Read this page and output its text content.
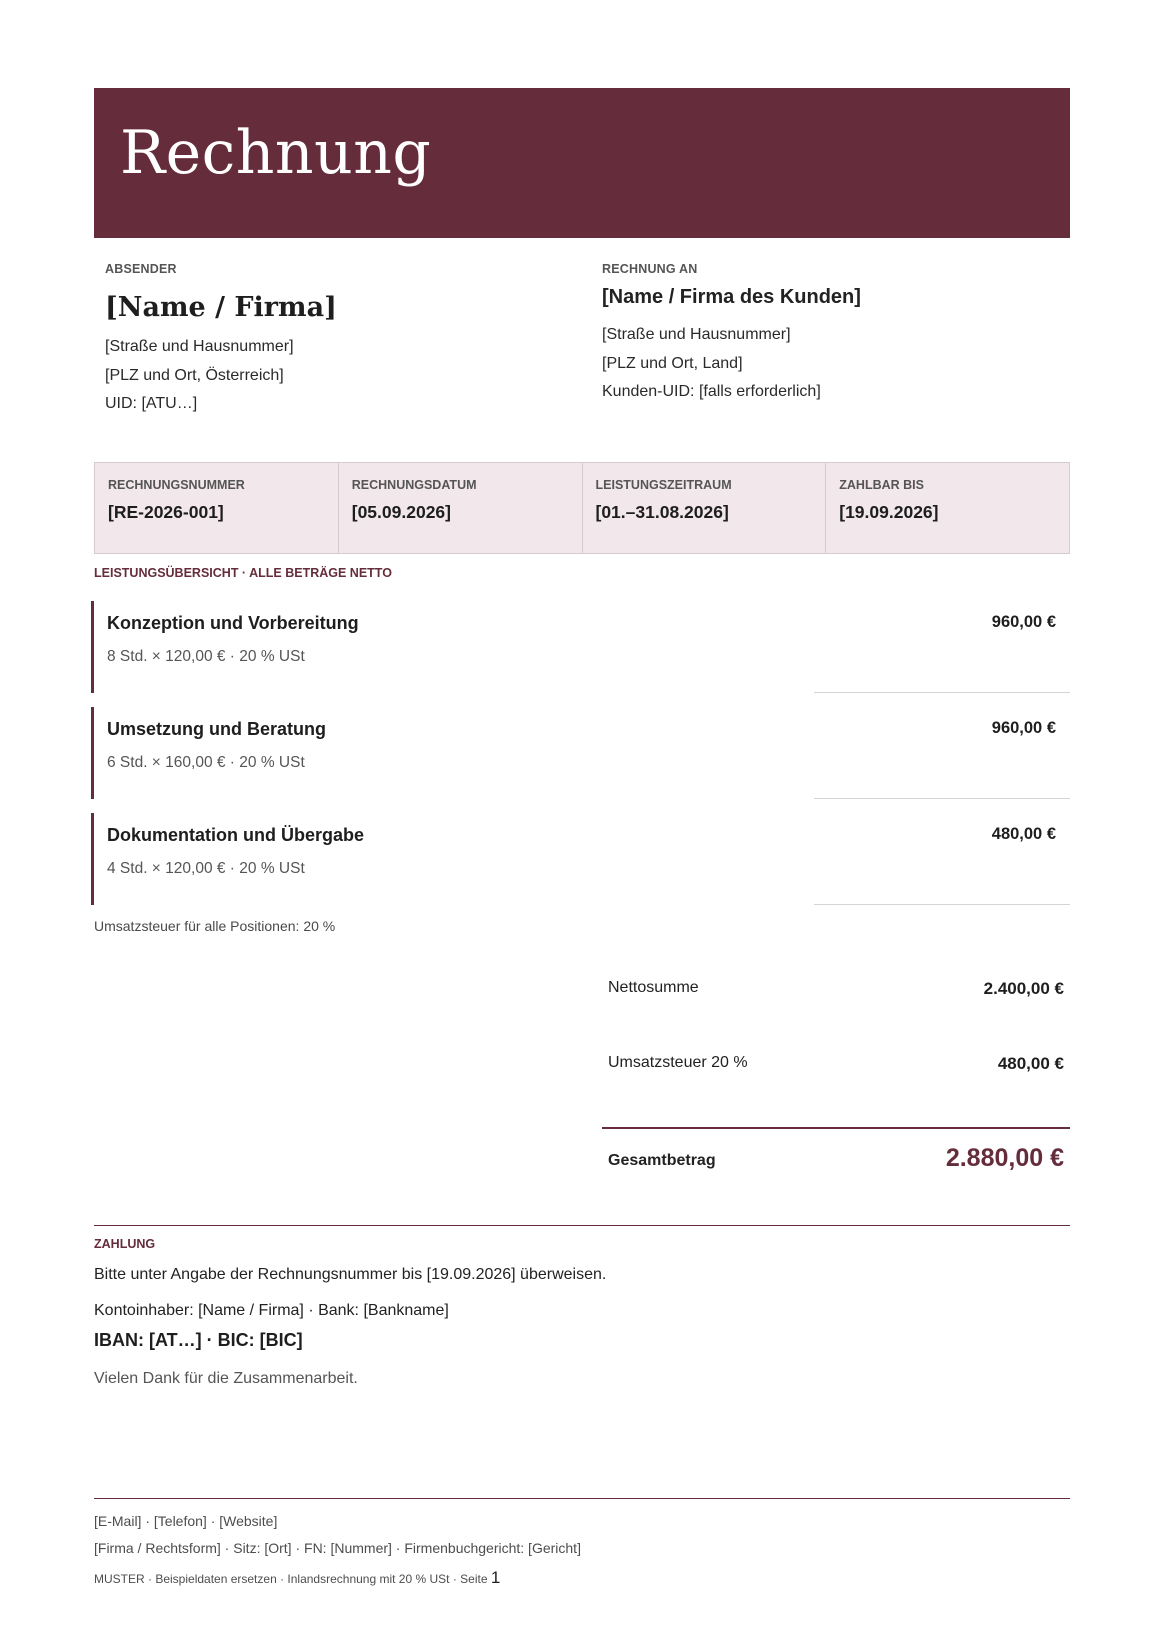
Rechnung
ABSENDER
[Name / Firma]
[Straße und Hausnummer]
[PLZ und Ort, Österreich]
UID: [ATU…]
RECHNUNG AN
[Name / Firma des Kunden]
[Straße und Hausnummer]
[PLZ und Ort, Land]
Kunden-UID: [falls erforderlich]
RECHNUNGSNUMMER
[RE-2026-001]
RECHNUNGSDATUM
[05.09.2026]
LEISTUNGSZEITRAUM
[01.–31.08.2026]
ZAHLBAR BIS
[19.09.2026]
LEISTUNGSÜBERSICHT · ALLE BETRÄGE NETTO
Konzeption und Vorbereitung
8 Std. × 120,00 € · 20 % USt
960,00 €
Umsetzung und Beratung
6 Std. × 160,00 € · 20 % USt
960,00 €
Dokumentation und Übergabe
4 Std. × 120,00 € · 20 % USt
480,00 €
Umsatzsteuer für alle Positionen: 20 %
Nettosumme	2.400,00 €
Umsatzsteuer 20 %	480,00 €
Gesamtbetrag	2.880,00 €
ZAHLUNG
Bitte unter Angabe der Rechnungsnummer bis [19.09.2026] überweisen.
Kontoinhaber: [Name / Firma] · Bank: [Bankname]
IBAN: [AT…] · BIC: [BIC]
Vielen Dank für die Zusammenarbeit.
[E-Mail] · [Telefon] · [Website]
[Firma / Rechtsform] · Sitz: [Ort] · FN: [Nummer] · Firmenbuchgericht: [Gericht]
MUSTER · Beispieldaten ersetzen · Inlandsrechnung mit 20 % USt · Seite 1
